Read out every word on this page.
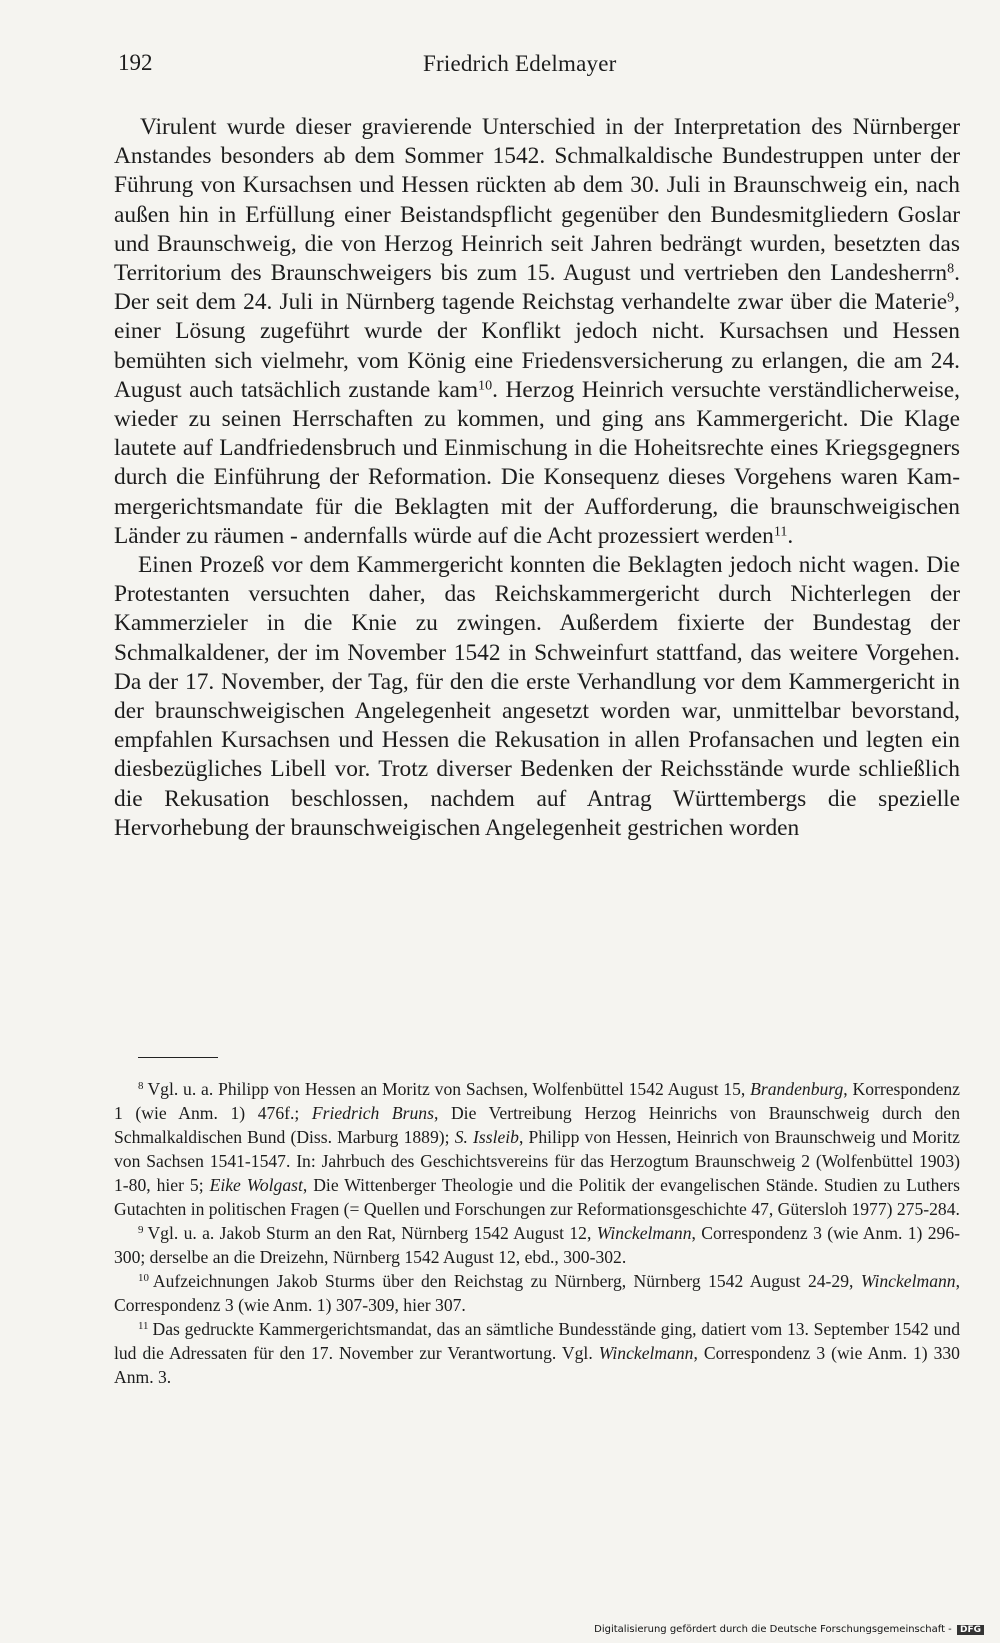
192	Friedrich Edelmayer

Virulent wurde dieser gravierende Unterschied in der Interpretation des Nürnberger Anstandes besonders ab dem Sommer 1542. Schmalkaldische Bundestruppen unter der Führung von Kursachsen und Hessen rückten ab dem 30. Juli in Braunschweig ein, nach außen hin in Erfüllung einer Beistandspflicht gegenüber den Bundesmitgliedern Goslar und Braunschweig, die von Herzog Heinrich seit Jahren bedrängt wurden, besetzten das Territorium des Braunschweigers bis zum 15. August und vertrieben den Landesherrn$^8$. Der seit dem 24. Juli in Nürnberg tagende Reichstag verhandelte zwar über die Materie$^9$, einer Lösung zugeführt wurde der Konflikt jedoch nicht. Kursachsen und Hessen bemühten sich vielmehr, vom König eine Friedensversicherung zu erlangen, die am 24. August auch tatsächlich zustande kam$^{10}$. Herzog Heinrich versuchte verständlicherweise, wieder zu seinen Herrschaften zu kommen, und ging ans Kammergericht. Die Klage lautete auf Landfriedensbruch und Einmischung in die Hoheitsrechte eines Kriegsgegners durch die Einführung der Reformation. Die Konsequenz dieses Vorgehens waren Kammergerichtsmandate für die Beklagten mit der Aufforderung, die braunschweigischen Länder zu räumen - andernfalls würde auf die Acht prozessiert werden$^{11}$.

Einen Prozeß vor dem Kammergericht konnten die Beklagten jedoch nicht wagen. Die Protestanten versuchten daher, das Reichskammergericht durch Nichterlegen der Kammerzieler in die Knie zu zwingen. Außerdem fixierte der Bundestag der Schmalkaldener, der im November 1542 in Schweinfurt stattfand, das weitere Vorgehen. Da der 17. November, der Tag, für den die erste Verhandlung vor dem Kammergericht in der braunschweigischen Angelegenheit angesetzt worden war, unmittelbar bevorstand, empfahlen Kursachsen und Hessen die Rekusation in allen Profansachen und legten ein diesbezügliches Libell vor. Trotz diverser Bedenken der Reichsstände wurde schließlich die Rekusation beschlossen, nachdem auf Antrag Württembergs die spezielle Hervorhebung der braunschweigischen Angelegenheit gestrichen worden

$^8$ Vgl. u. a. Philipp von Hessen an Moritz von Sachsen, Wolfenbüttel 1542 August 15, Brandenburg, Korrespondenz 1 (wie Anm. 1) 476f.; Friedrich Bruns, Die Vertreibung Herzog Heinrichs von Braunschweig durch den Schmalkaldischen Bund (Diss. Marburg 1889); S. Issleib, Philipp von Hessen, Heinrich von Braunschweig und Moritz von Sachsen 1541-1547. In: Jahrbuch des Geschichtsvereins für das Herzogtum Braunschweig 2 (Wolfenbüttel 1903) 1-80, hier 5; Eike Wolgast, Die Wittenberger Theologie und die Politik der evangelischen Stände. Studien zu Luthers Gutachten in politischen Fragen (= Quellen und Forschungen zur Reformationsgeschichte 47, Gütersloh 1977) 275-284.

$^9$ Vgl. u. a. Jakob Sturm an den Rat, Nürnberg 1542 August 12, Winckelmann, Correspondenz 3 (wie Anm. 1) 296-300; derselbe an die Dreizehn, Nürnberg 1542 August 12, ebd., 300-302.

$^{10}$ Aufzeichnungen Jakob Sturms über den Reichstag zu Nürnberg, Nürnberg 1542 August 24-29, Winckelmann, Correspondenz 3 (wie Anm. 1) 307-309, hier 307.

$^{11}$ Das gedruckte Kammergerichtsmandat, das an sämtliche Bundesstände ging, datiert vom 13. September 1542 und lud die Adressaten für den 17. November zur Verantwortung. Vgl. Winckelmann, Correspondenz 3 (wie Anm. 1) 330 Anm. 3.

Digitalisierung gefördert durch die Deutsche Forschungsgemeinschaft - DFG
